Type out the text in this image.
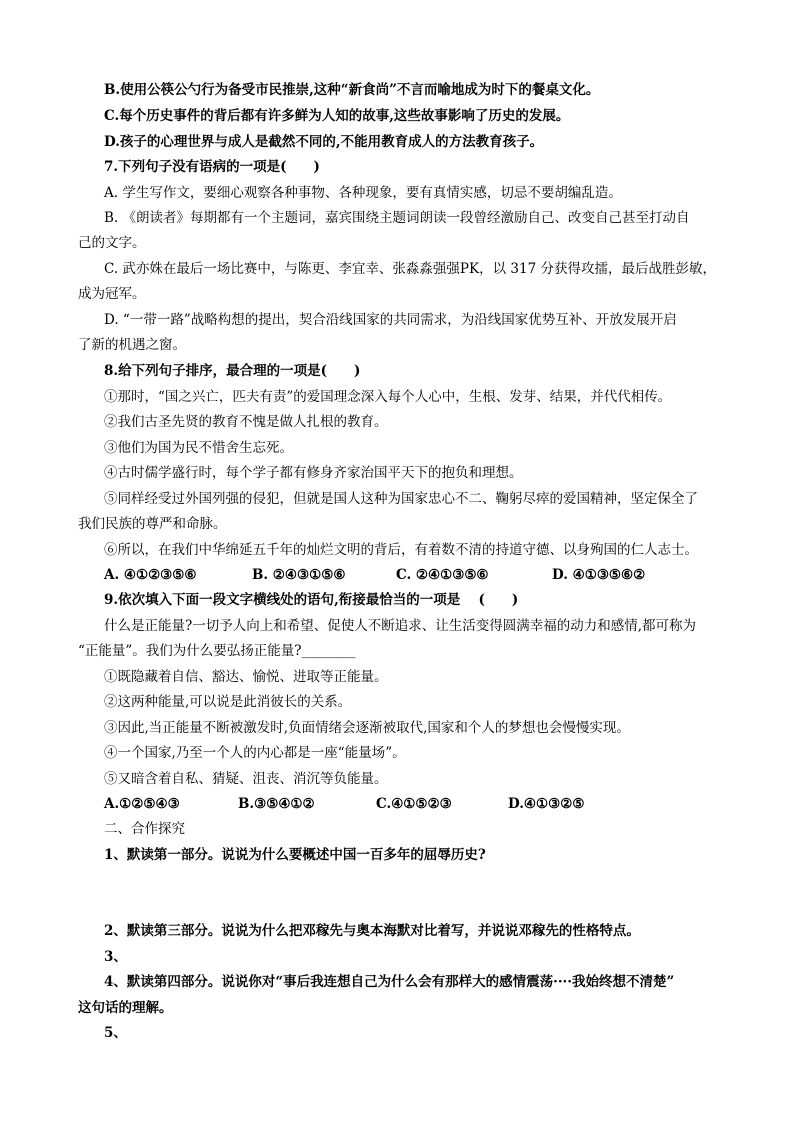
B.使用公筷公勺行为备受市民推崇,这种“新食尚”不言而喻地成为时下的餐桌文化。
C.每个历史事件的背后都有许多鲜为人知的故事,这些故事影响了历史的发展。
D.孩子的心理世界与成人是截然不同的,不能用教育成人的方法教育孩子。
7.下列句子没有语病的一项是(　　)
A. 学生写作文，要细心观察各种事物、各种现象，要有真情实感，切忌不要胡编乱造。
B. 《朗读者》每期都有一个主题词，嘉宾围绕主题词朗读一段曾经激励自己、改变自己甚至打动自
己的文字。
C. 武亦姝在最后一场比赛中，与陈更、李宜幸、张淼淼强强PK，以 317 分获得攻擂，最后战胜彭敏，
成为冠军。
D. “一带一路”战略构想的提出，契合沿线国家的共同需求，为沿线国家优势互补、开放发展开启
了新的机遇之窗。
8.给下列句子排序，最合理的一项是(　　)
①那时，“国之兴亡，匹夫有责”的爱国理念深入每个人心中，生根、发芽、结果，并代代相传。
②我们古圣先贤的教育不愧是做人扎根的教育。
③他们为国为民不惜舍生忘死。
④古时儒学盛行时，每个学子都有修身齐家治国平天下的抱负和理想。
⑤同样经受过外国列强的侵犯，但就是国人这种为国家忠心不二、鞠躬尽瘁的爱国精神，坚定保全了
我们民族的尊严和命脉。
⑥所以，在我们中华绵延五千年的灿烂文明的背后，有着数不清的持道守德、以身殉国的仁人志士。
A. ④①②③⑤⑥	B. ②④③①⑤⑥	C. ②④①③⑤⑥	D. ④①③⑤⑥②
9.依次填入下面一段文字横线处的语句,衔接最恰当的一项是　 (　　)
什么是正能量?一切予人向上和希望、促使人不断追求、让生活变得圆满幸福的动力和感情,都可称为
“正能量”。我们为什么要弘扬正能量?________
①既隐藏着自信、豁达、愉悦、进取等正能量。
②这两种能量,可以说是此消彼长的关系。
③因此,当正能量不断被激发时,负面情绪会逐渐被取代,国家和个人的梦想也会慢慢实现。
④一个国家,乃至一个人的内心都是一座“能量场”。
⑤又暗含着自私、猜疑、沮丧、消沉等负能量。
A.①②⑤④③	B.③⑤④①②	C.④①⑤②③	D.④①③②⑤
二、合作探究
1、默读第一部分。说说为什么要概述中国一百多年的屈辱历史?
2、默读第三部分。说说为什么把邓稼先与奥本海默对比着写，并说说邓稼先的性格特点。
3、
4、默读第四部分。说说你对“事后我连想自己为什么会有那样大的感情震荡····我始终想不清楚”
这句话的理解。
5、
